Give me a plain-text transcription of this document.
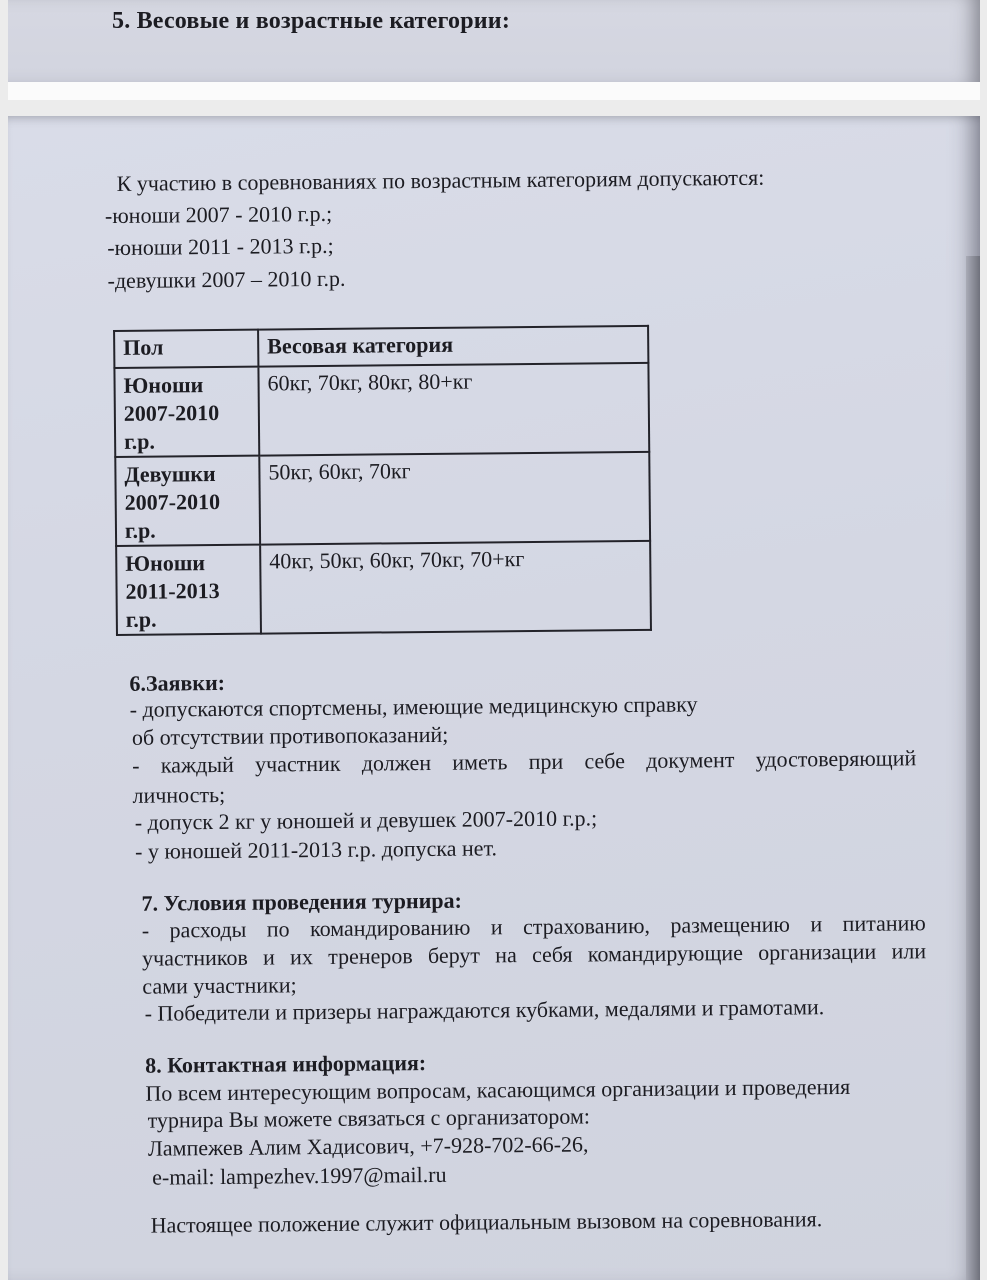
5. Весовые и возрастные категории:
К участию в соревнованиях по возрастным категориям допускаются:
-юноши 2007 - 2010 г.р.;
-юноши 2011 - 2013 г.р.;
-девушки 2007 – 2010 г.р.
Пол	Весовая категория

Юноши
2007-2010
г.р.	60кг, 70кг, 80кг, 80+кг

Девушки
2007-2010
г.р.	50кг, 60кг, 70кг

Юноши
2011-2013
г.р.	40кг, 50кг, 60кг, 70кг, 70+кг
6.Заявки:
- допускаются спортсмены, имеющие медицинскую справку
об отсутствии противопоказаний;
- каждый участник должен иметь при себе документ удостоверяющий
личность;
- допуск 2 кг у юношей и девушек 2007-2010 г.р.;
- у юношей 2011-2013 г.р. допуска нет.
7. Условия проведения турнира:
- расходы по командированию и страхованию, размещению и питанию
участников и их тренеров берут на себя командирующие организации или
сами участники;
- Победители и призеры награждаются кубками, медалями и грамотами.
8. Контактная информация:
По всем интересующим вопросам, касающимся организации и проведения
турнира Вы можете связаться с организатором:
Лампежев Алим Хадисович, +7-928-702-66-26,
e-mail: lampezhev.1997@mail.ru
Настоящее положение служит официальным вызовом на соревнования.
